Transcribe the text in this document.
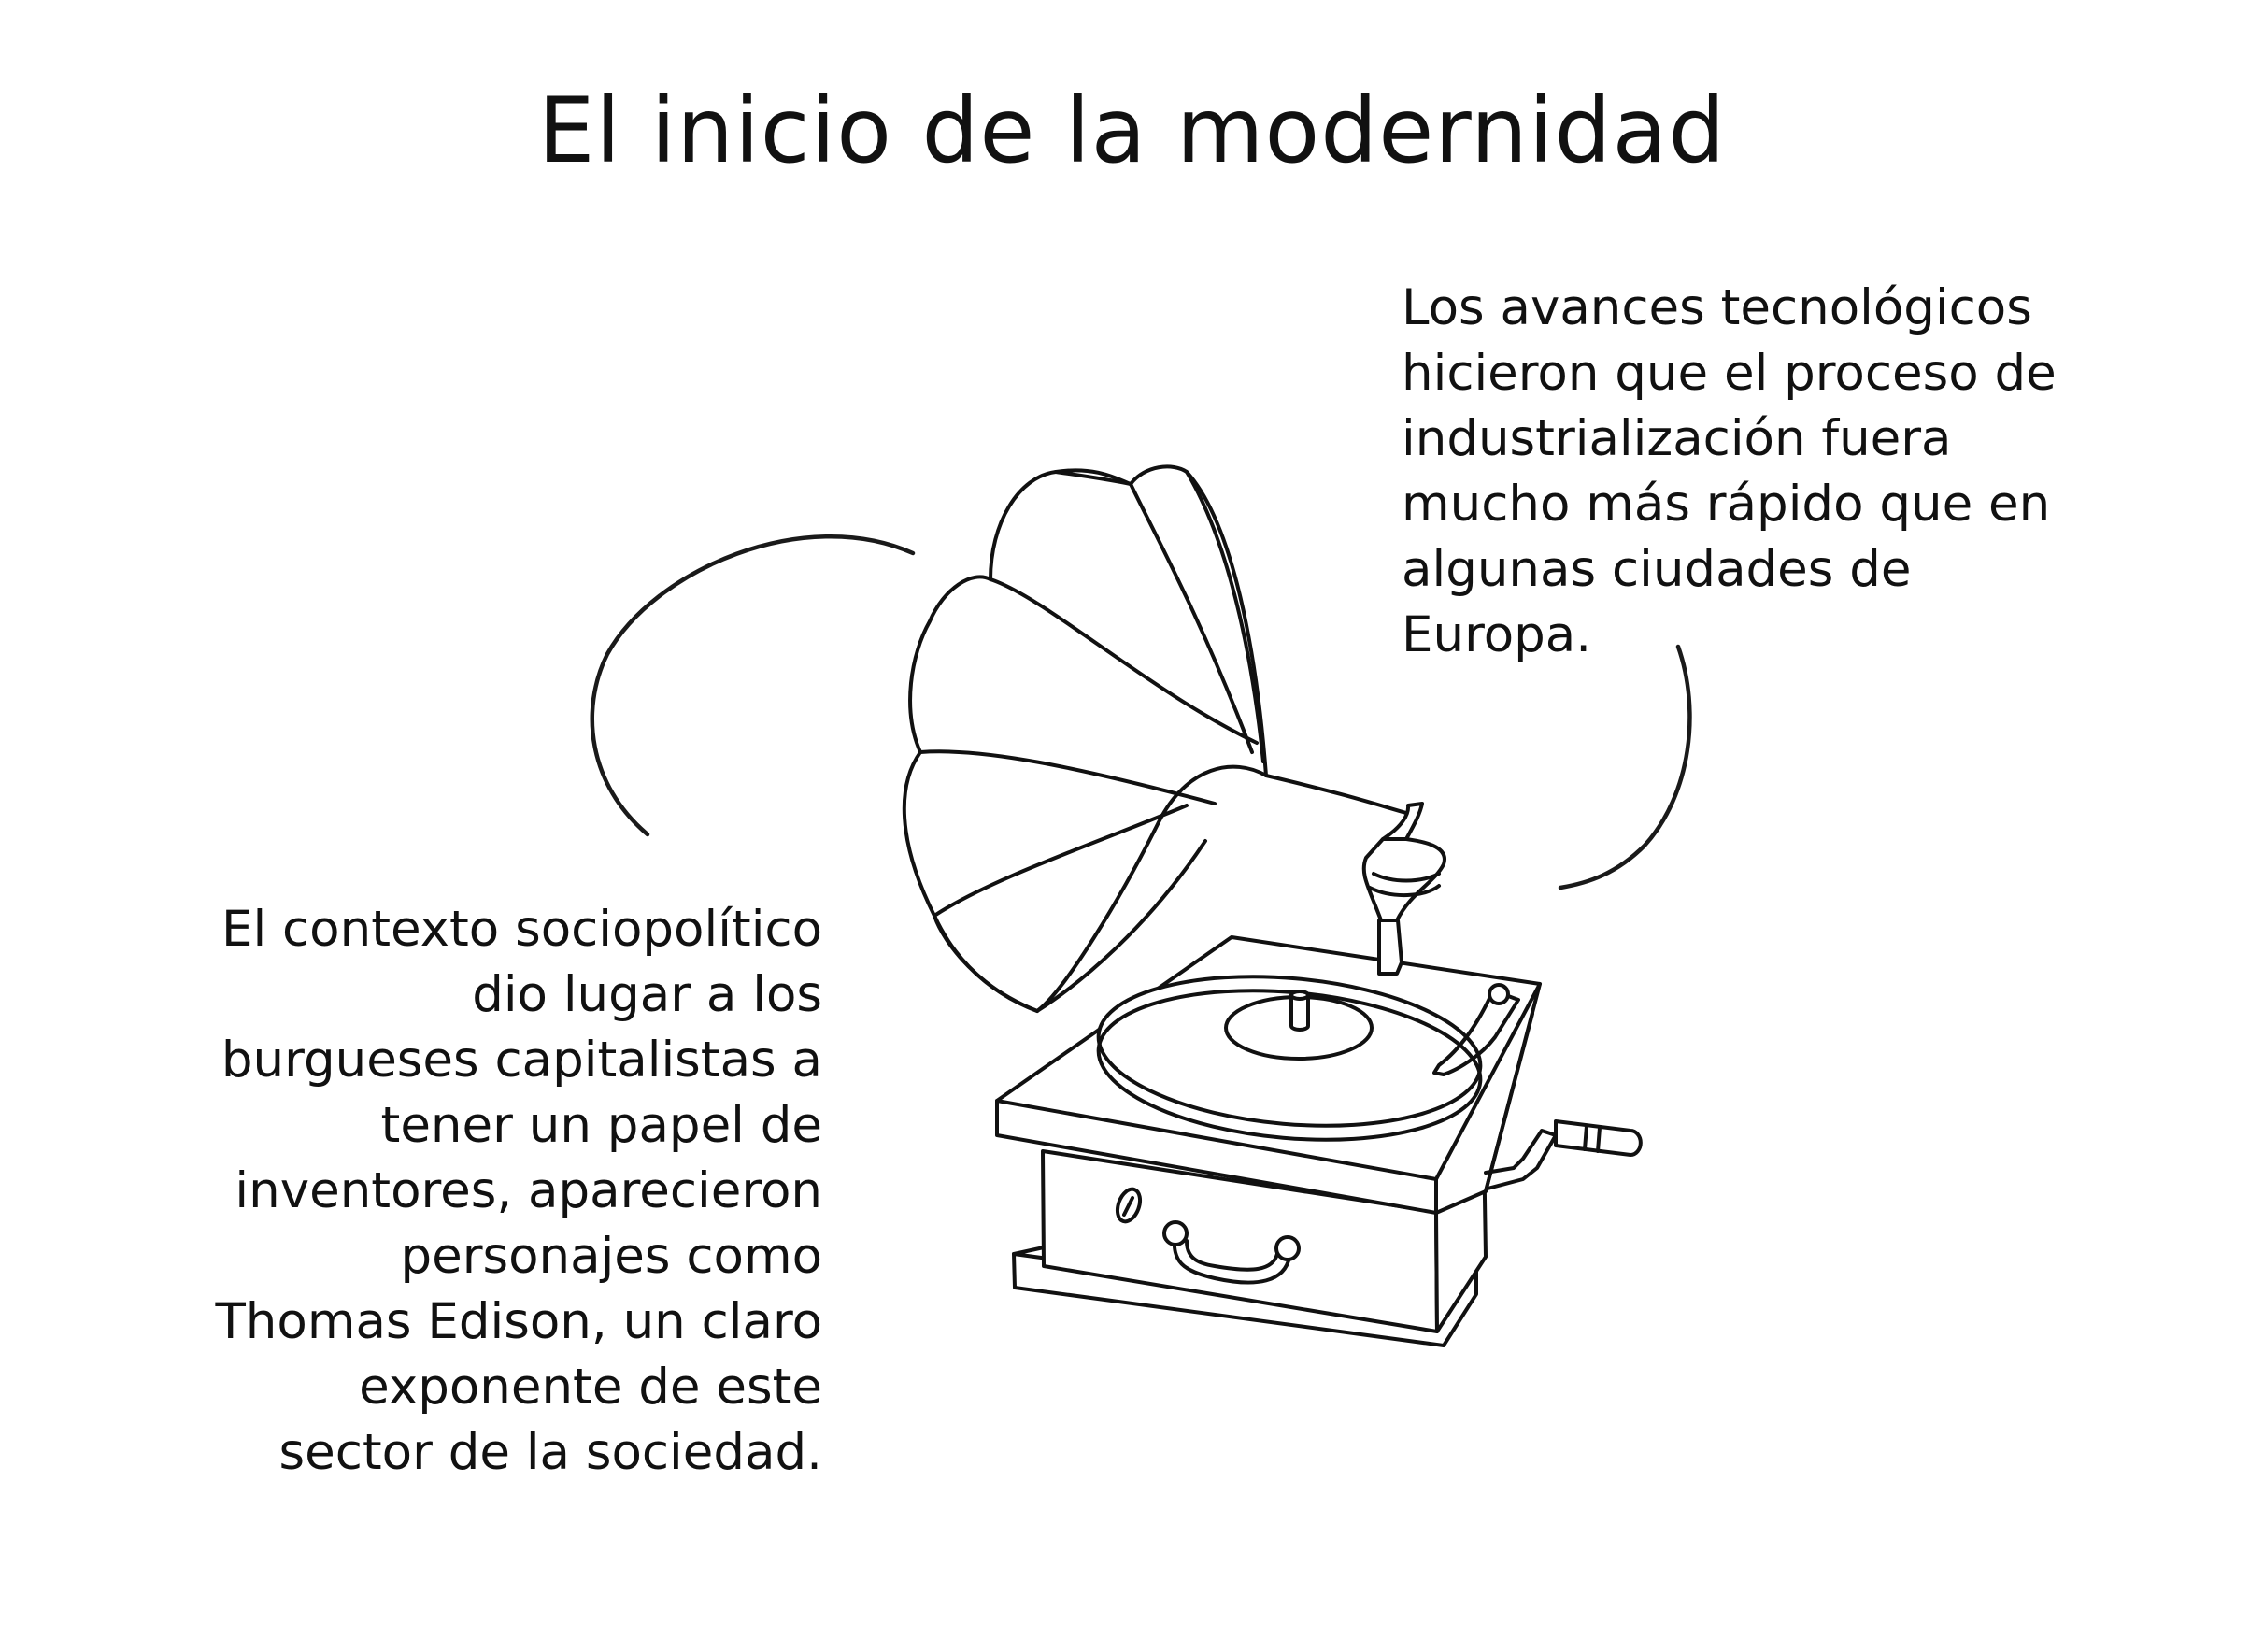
El inicio de la modernidad
Los avances tecnológicos
hicieron que el proceso de
industrialización fuera
mucho más rápido que en
algunas ciudades de
Europa.
El contexto sociopolítico
dio lugar a los
burgueses capitalistas a
tener un papel de
inventores, aparecieron
personajes como
Thomas Edison, un claro
exponente de este
sector de la sociedad.
